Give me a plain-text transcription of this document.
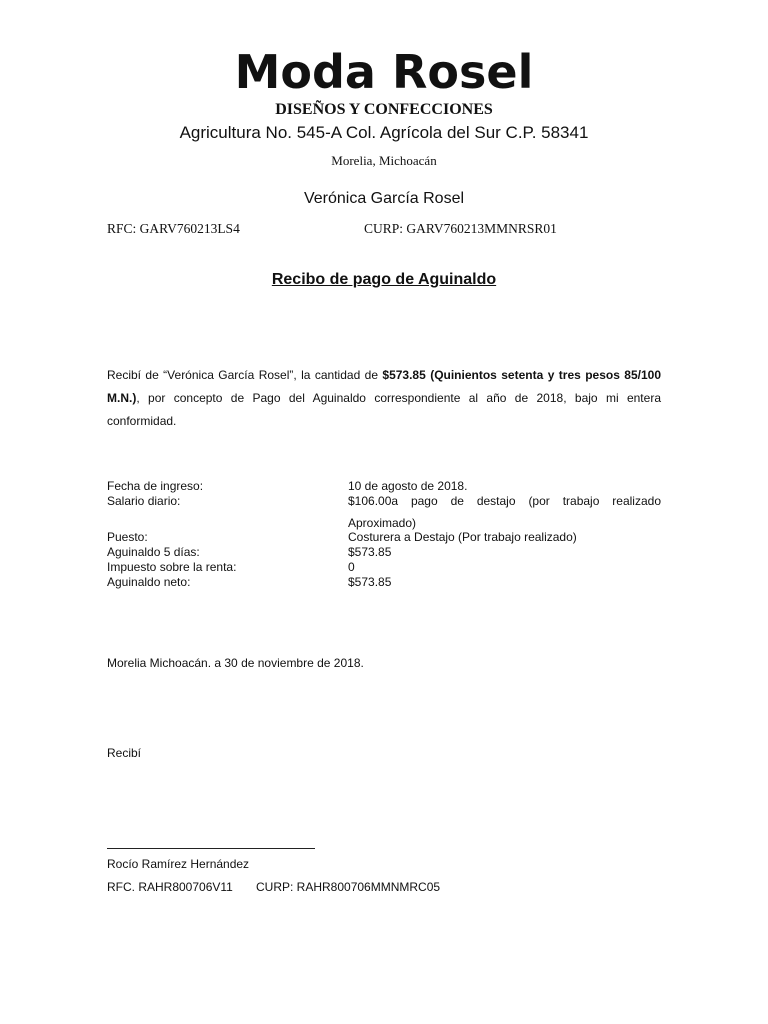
Moda Rosel
DISEÑOS Y CONFECCIONES
Agricultura No. 545-A Col. Agrícola del Sur C.P. 58341
Morelia, Michoacán
Verónica García Rosel
RFC: GARV760213LS4	CURP: GARV760213MMNRSR01
Recibo de pago de Aguinaldo
Recibí de “Verónica García Rosel”, la cantidad de $573.85 (Quinientos setenta y tres pesos 85/100 M.N.), por concepto de Pago del Aguinaldo correspondiente al año de 2018, bajo mi entera conformidad.
Fecha de ingreso:	10 de agosto de 2018.
Salario diario:	$106.00a pago de destajo (por trabajo realizado Aproximado)
Puesto:	Costurera a Destajo (Por trabajo realizado)
Aguinaldo 5 días:	$573.85
Impuesto sobre la renta:	0
Aguinaldo neto:	$573.85
Morelia Michoacán. a 30 de noviembre de 2018.
Recibí
Rocío Ramírez Hernández
RFC. RAHR800706V11 CURP: RAHR800706MMNMRC05
